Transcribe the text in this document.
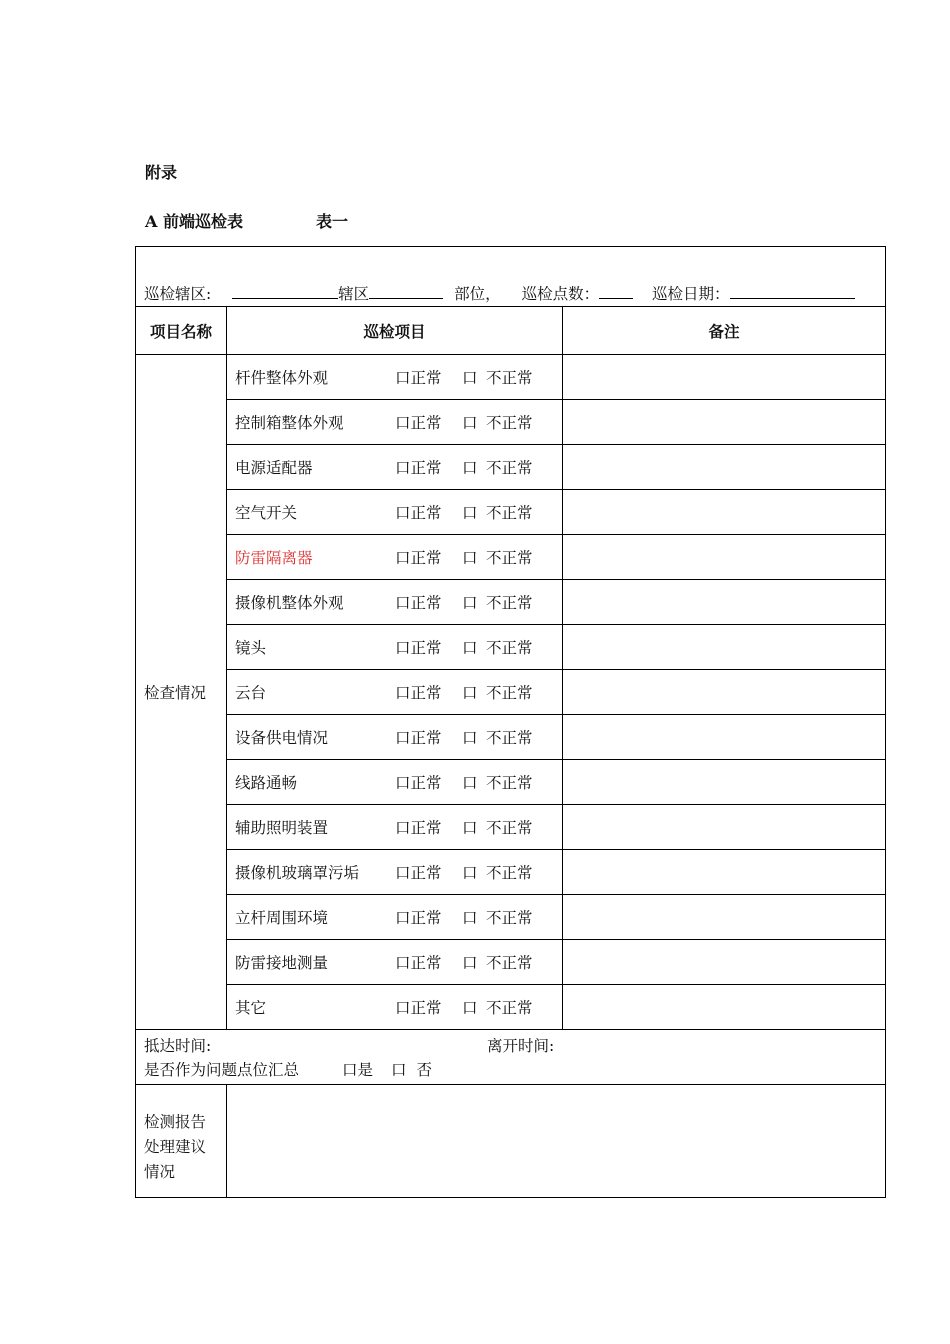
附录
A 前端巡检表	表一
巡检辖区: 辖区 部位， 巡检点数： 巡检日期：		
项目名称	巡检项目	备注
检查情况	杆件整体外观 口正常 口 不正常	
	控制箱整体外观 口正常 口 不正常	
	电源适配器 口正常 口 不正常	
	空气开关 口正常 口 不正常	
	防雷隔离器 口正常 口 不正常	
	摄像机整体外观 口正常 口 不正常	
	镜头 口正常 口 不正常	
	云台 口正常 口 不正常	
	设备供电情况 口正常 口 不正常	
	线路通畅 口正常 口 不正常	
	辅助照明装置 口正常 口 不正常	
	摄像机玻璃罩污垢 口正常 口 不正常	
	立杆周围环境 口正常 口 不正常	
	防雷接地测量 口正常 口 不正常	
	其它 口正常 口 不正常	

抵达时间: 离开时间:
是否作为问题点位汇总 口是 口 否		

检测报告
处理建议
情况		
